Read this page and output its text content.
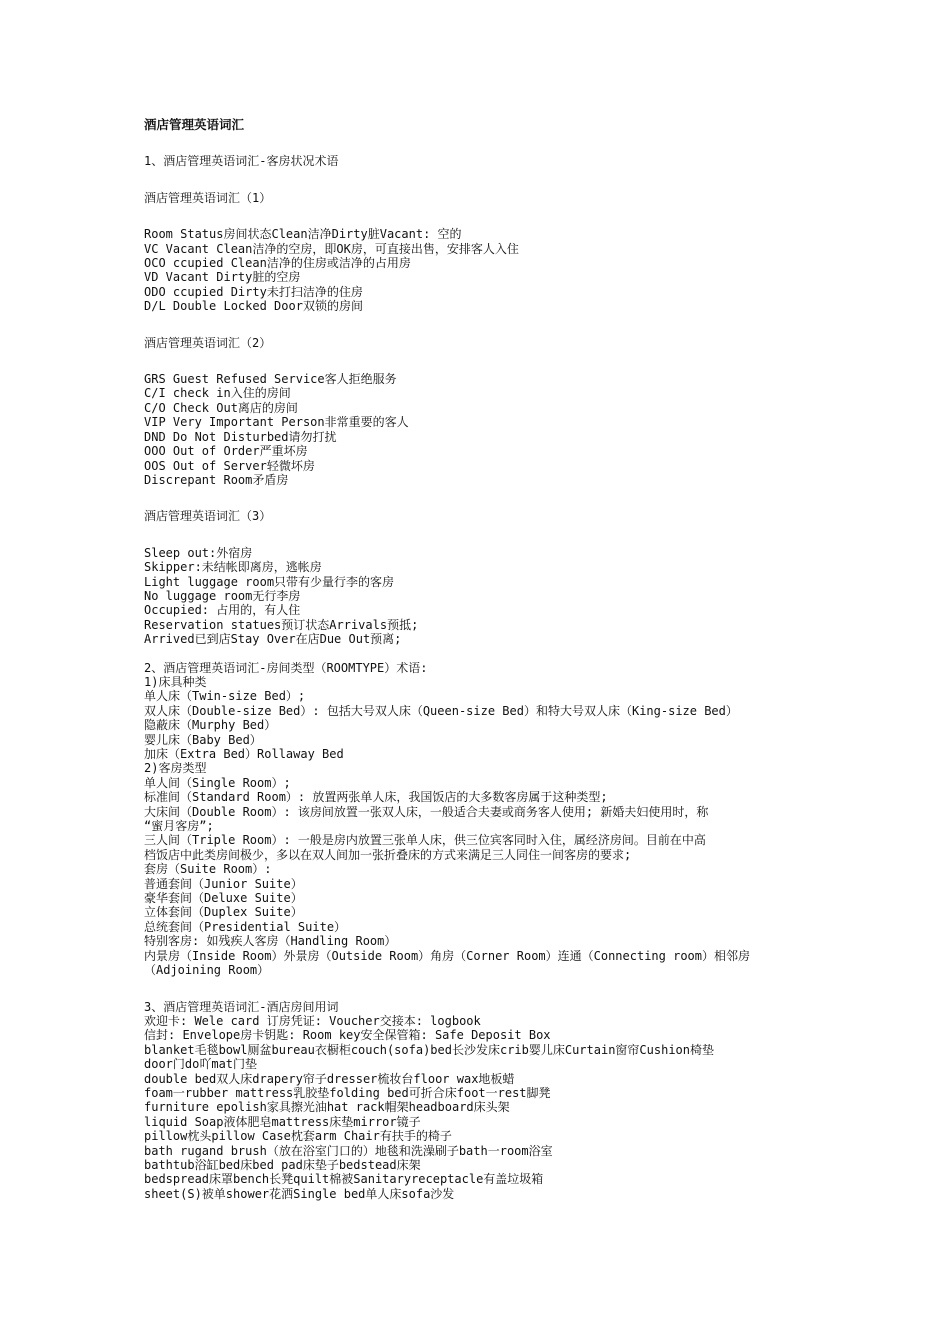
酒店管理英语词汇
1、酒店管理英语词汇-客房状况术语
酒店管理英语词汇（1）
Room Status房间状态Clean洁净Dirty脏Vacant: 空的
VC Vacant Clean洁净的空房，即OK房，可直接出售，安排客人入住
OCO ccupied Clean洁净的住房或洁净的占用房
VD Vacant Dirty脏的空房
ODO ccupied Dirty未打扫洁净的住房
D/L Double Locked Door双锁的房间
酒店管理英语词汇（2）
GRS Guest Refused Service客人拒绝服务
C/I check in入住的房间
C/O Check Out离店的房间
VIP Very Important Person非常重要的客人
DND Do Not Disturbed请勿打扰
OOO Out of Order严重坏房
OOS Out of Server轻微坏房
Discrepant Room矛盾房
酒店管理英语词汇（3）
Sleep out:外宿房
Skipper:未结帐即离房，逃帐房
Light luggage room只带有少量行李的客房
No luggage room无行李房
Occupied: 占用的，有人住
Reservation statues预订状态Arrivals预抵;
Arrived已到店Stay Over在店Due Out预离;
2、酒店管理英语词汇-房间类型（ROOMTYPE）术语:
1)床具种类
单人床（Twin-size Bed）;
双人床（Double-size Bed）: 包括大号双人床（Queen-size Bed）和特大号双人床（King-size Bed）
隐蔽床（Murphy Bed）
婴儿床（Baby Bed）
加床（Extra Bed）Rollaway Bed
2)客房类型
单人间（Single Room）;
标准间（Standard Room）: 放置两张单人床，我国饭店的大多数客房属于这种类型;
大床间（Double Room）: 该房间放置一张双人床，一般适合夫妻或商务客人使用; 新婚夫妇使用时，称
“蜜月客房”;
三人间（Triple Room）: 一般是房内放置三张单人床，供三位宾客同时入住，属经济房间。目前在中高
档饭店中此类房间极少，多以在双人间加一张折叠床的方式来满足三人同住一间客房的要求;
套房（Suite Room）:
普通套间（Junior Suite）
豪华套间（Deluxe Suite）
立体套间（Duplex Suite）
总统套间（Presidential Suite）
特别客房: 如残疾人客房（Handling Room）
内景房（Inside Room）外景房（Outside Room）角房（Corner Room）连通（Connecting room）相邻房
（Adjoining Room）
3、酒店管理英语词汇-酒店房间用词
欢迎卡: Wele card 订房凭证: Voucher交接本: logbook
信封: Envelope房卡钥匙: Room key安全保管箱: Safe Deposit Box
blanket毛毯bowl厕盆bureau衣橱柜couch(sofa)bed长沙发床crib婴儿床Curtain窗帘Cushion椅垫
door门do吖mat门垫
double bed双人床drapery帘子dresser梳妆台floor wax地板蜡
foam一rubber mattress乳胶垫folding bed可折合床foot一rest脚凳
furniture epolish家具擦光油hat rack帽架headboard床头架
liquid Soap液体肥皂mattress床垫mirror镜子
pillow枕头pillow Case枕套arm Chair有扶手的椅子
bath rugand brush（放在浴室门口的）地毯和洗澡刷子bath一room浴室
bathtub浴缸bed床bed pad床垫子bedstead床架
bedspread床罩bench长凳quilt棉被Sanitaryreceptacle有盖垃圾箱
sheet(S)被单shower花洒Single bed单人床sofa沙发
